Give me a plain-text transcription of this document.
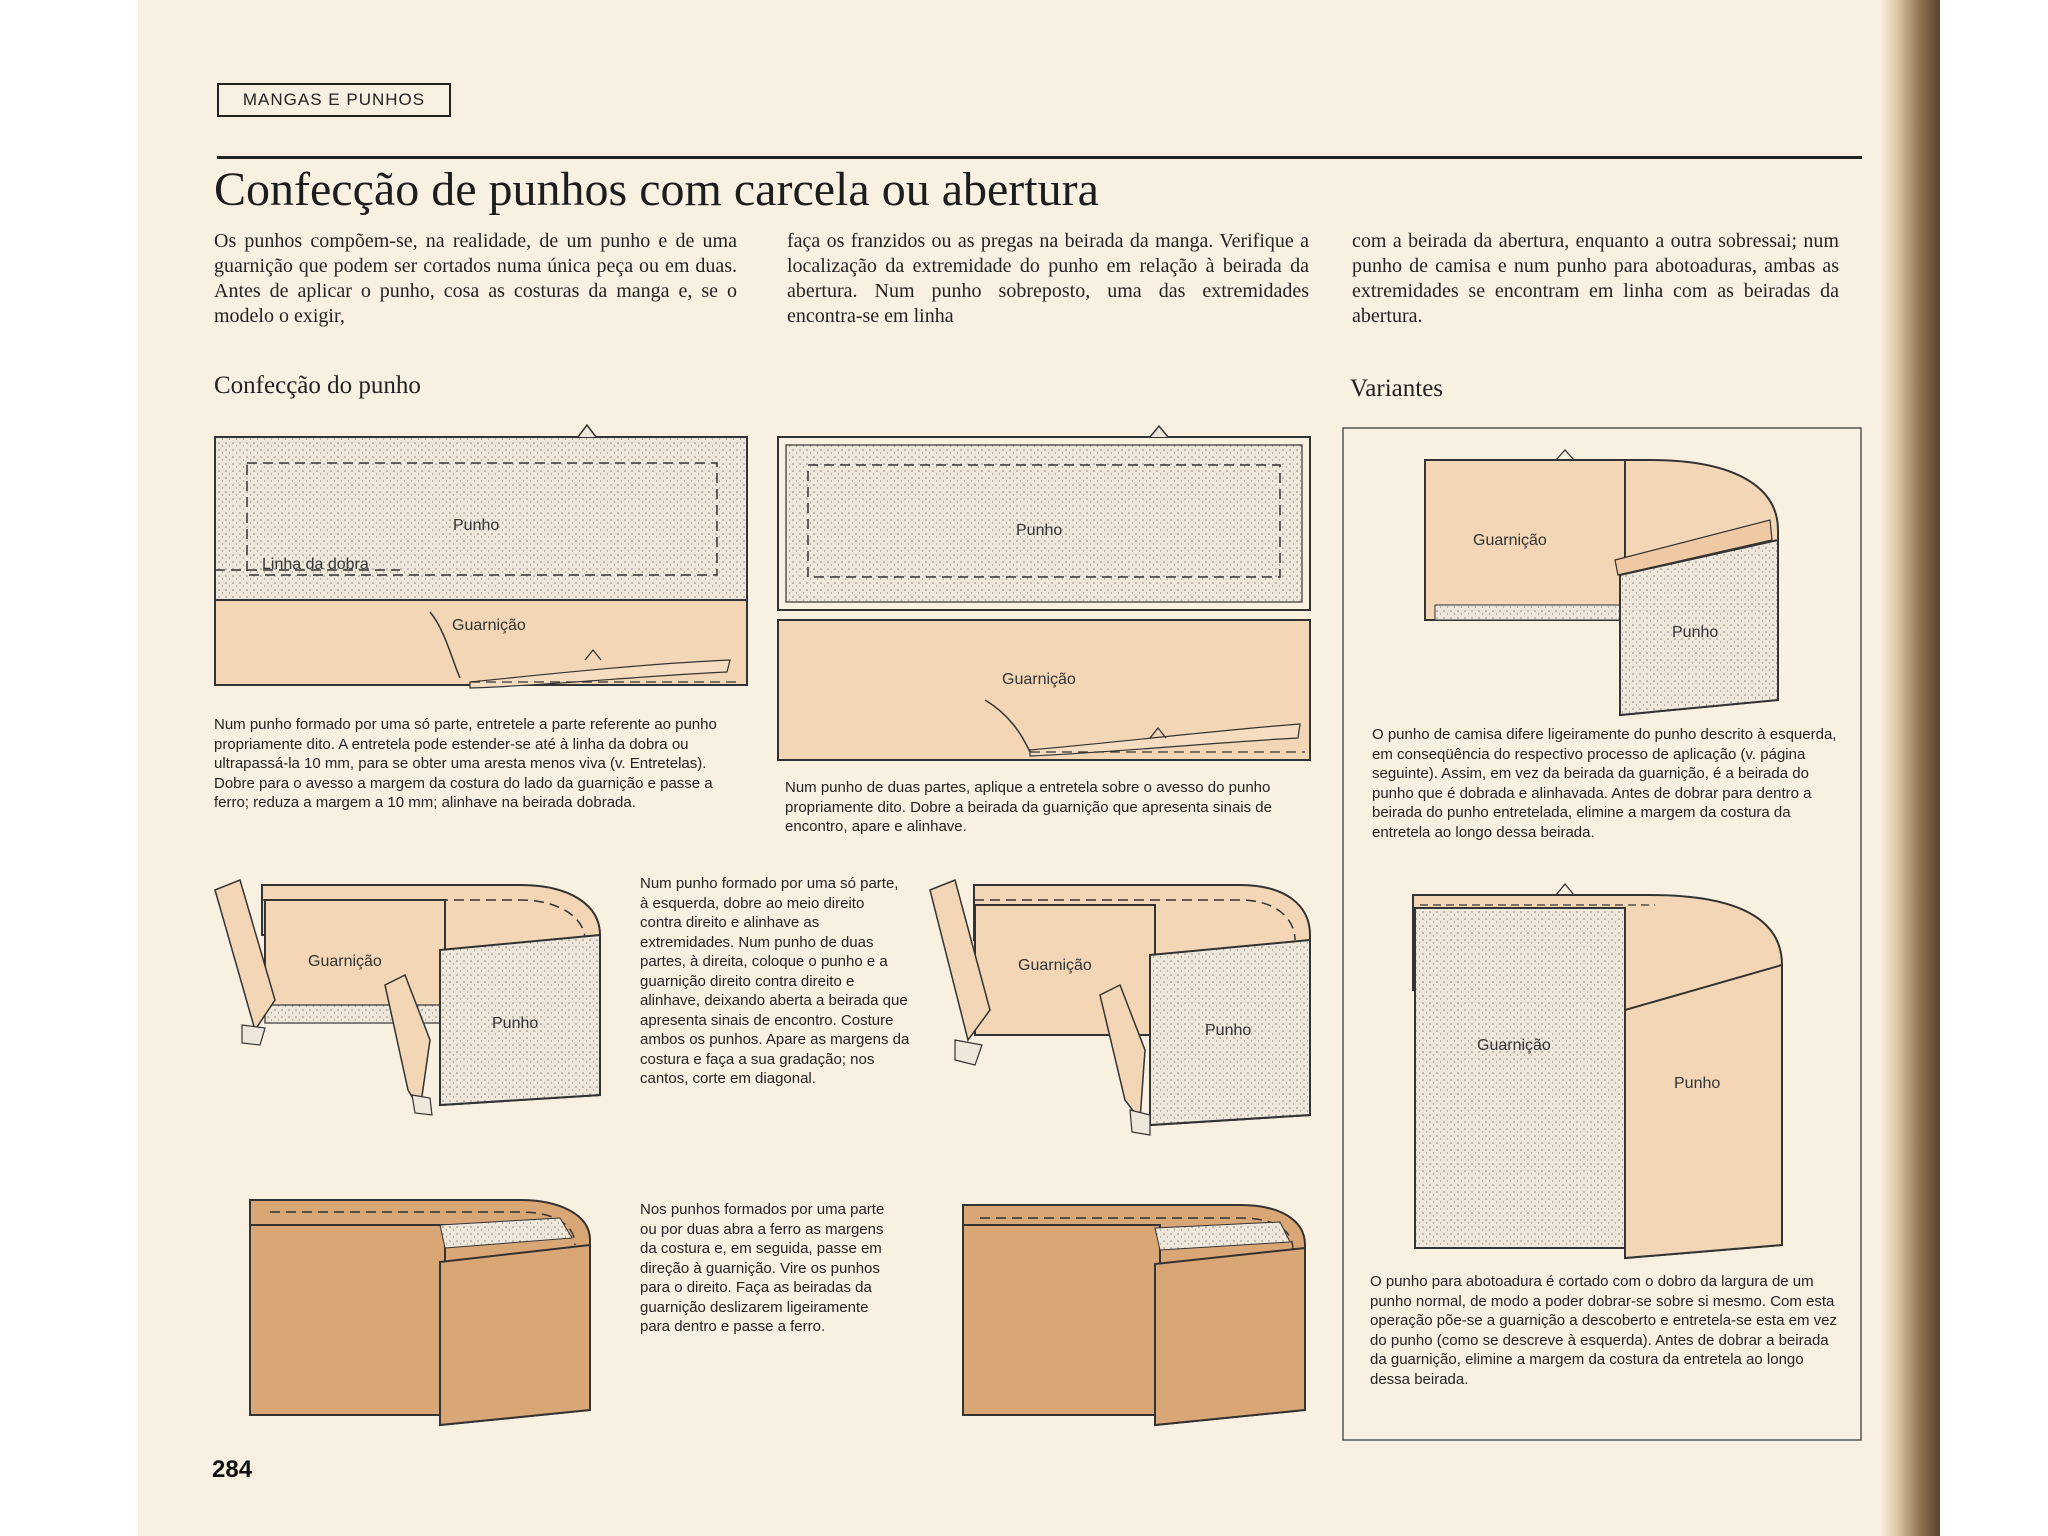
MANGAS E PUNHOS
Confecção de punhos com carcela ou abertura
Os punhos compõem-se, na realidade, de um punho e de uma guarnição que podem ser cortados numa única peça ou em duas. Antes de aplicar o punho, cosa as costuras da manga e, se o modelo o exigir,
faça os franzidos ou as pregas na beirada da manga. Verifique a localização da extremidade do punho em relação à beirada da abertura. Num punho sobreposto, uma das extremidades encontra-se em linha
com a beirada da abertura, enquanto a outra sobressai; num punho de camisa e num punho para abotoaduras, ambas as extremidades se encontram em linha com as beiradas da abertura.
Confecção do punho	Variantes
Punho
Linha da dobra
Guarnição
Punho
Guarnição
Guarnição
Punho
Guarnição
Punho
Guarnição
Punho
Guarnição
Punho
Num punho formado por uma só parte, entretele a parte referente ao punho propriamente dito. A entretela pode estender-se até à linha da dobra ou ultrapassá-la 10 mm, para se obter uma aresta menos viva (v. Entretelas). Dobre para o avesso a margem da costura do lado da guarnição e passe a ferro; reduza a margem a 10 mm; alinhave na beirada dobrada.
Num punho de duas partes, aplique a entretela sobre o avesso do punho propriamente dito. Dobre a beirada da guarnição que apresenta sinais de encontro, apare e alinhave.
Num punho formado por uma só parte, à esquerda, dobre ao meio direito contra direito e alinhave as extremidades. Num punho de duas partes, à direita, coloque o punho e a guarnição direito contra direito e alinhave, deixando aberta a beirada que apresenta sinais de encontro. Costure ambos os punhos. Apare as margens da costura e faça a sua gradação; nos cantos, corte em diagonal.
Nos punhos formados por uma parte ou por duas abra a ferro as margens da costura e, em seguida, passe em direção à guarnição. Vire os punhos para o direito. Faça as beiradas da guarnição deslizarem ligeiramente para dentro e passe a ferro.
O punho de camisa difere ligeiramente do punho descrito à esquerda, em conseqüência do respectivo processo de aplicação (v. página seguinte). Assim, em vez da beirada da guarnição, é a beirada do punho que é dobrada e alinhavada. Antes de dobrar para dentro a beirada do punho entretelada, elimine a margem da costura da entretela ao longo dessa beirada.
O punho para abotoadura é cortado com o dobro da largura de um punho normal, de modo a poder dobrar-se sobre si mesmo. Com esta operação põe-se a guarnição a descoberto e entretela-se esta em vez do punho (como se descreve à esquerda). Antes de dobrar a beirada da guarnição, elimine a margem da costura da entretela ao longo dessa beirada.
284
